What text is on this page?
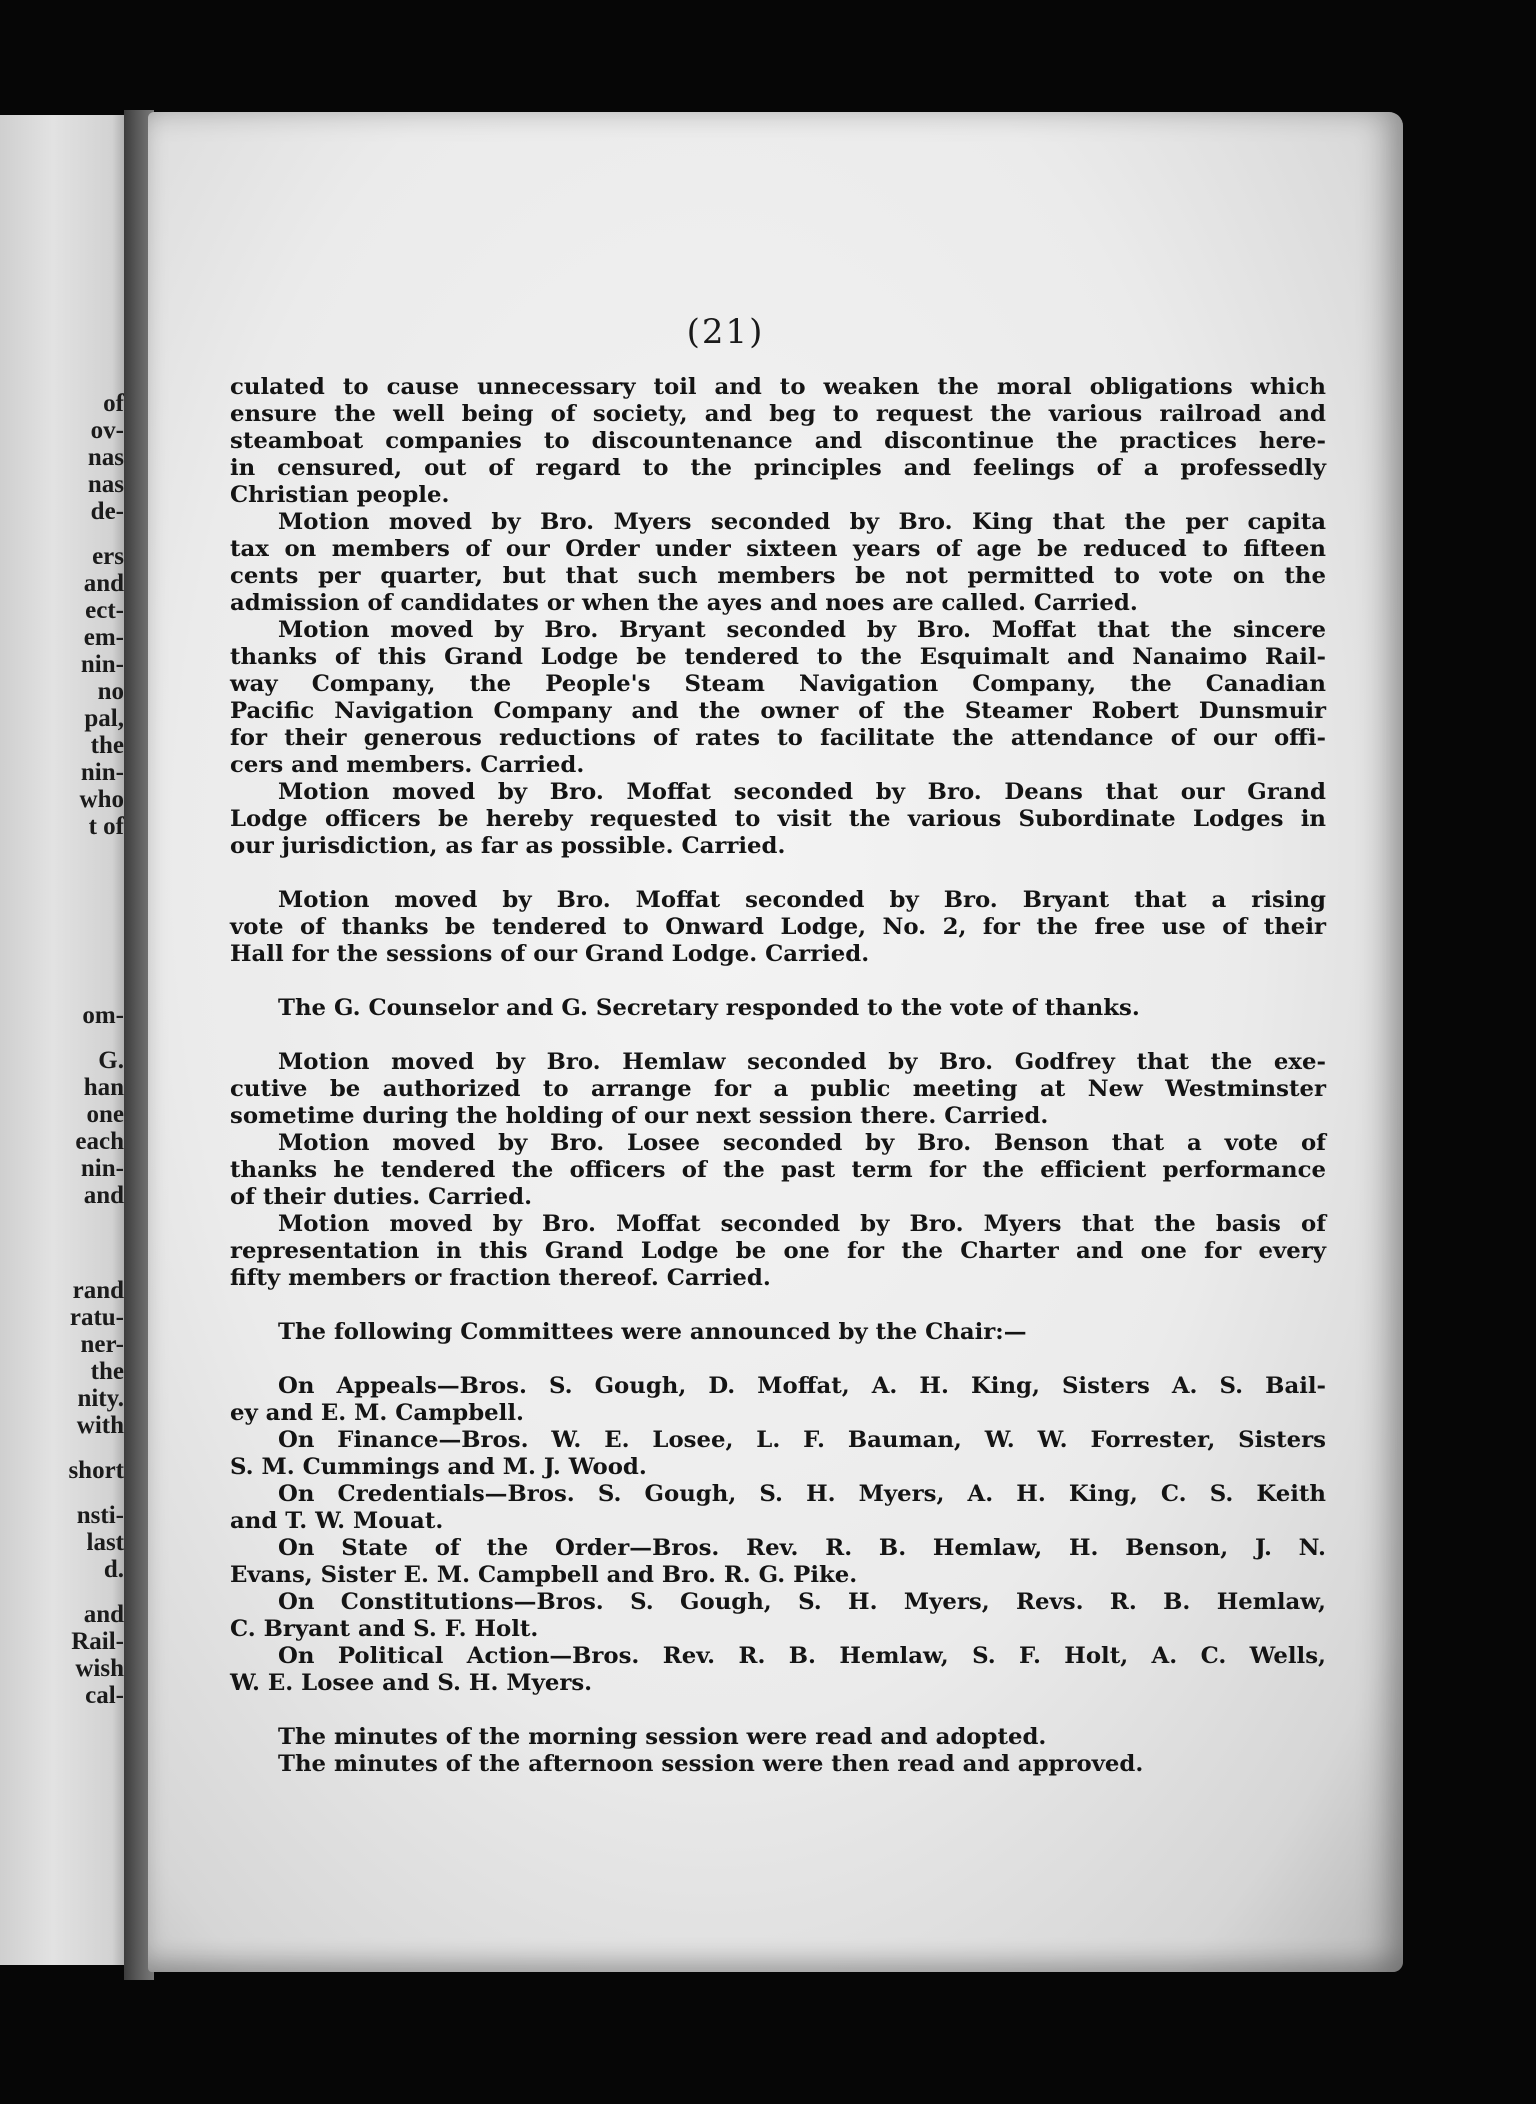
of
ov-
nas
nas
de-
ers
and
ect-
em-
nin-
no
pal,
the
nin-
who
t of
om-
G.
han
one
each
nin-
and
rand
ratu-
ner-
the
nity.
with
short
nsti-
last
d.
and
Rail-
wish
cal-
(21)

culated to cause unnecessary toil and to weaken the moral obligations which
ensure the well being of society, and beg to request the various railroad and
steamboat companies to discountenance and discontinue the practices here-
in censured, out of regard to the principles and feelings of a professedly
Christian people.

Motion moved by Bro. Myers seconded by Bro. King that the per capita
tax on members of our Order under sixteen years of age be reduced to fifteen
cents per quarter, but that such members be not permitted to vote on the
admission of candidates or when the ayes and noes are called. Carried.

Motion moved by Bro. Bryant seconded by Bro. Moffat that the sincere
thanks of this Grand Lodge be tendered to the Esquimalt and Nanaimo Rail-
way Company, the People's Steam Navigation Company, the Canadian
Pacific Navigation Company and the owner of the Steamer Robert Dunsmuir
for their generous reductions of rates to facilitate the attendance of our offi-
cers and members. Carried.

Motion moved by Bro. Moffat seconded by Bro. Deans that our Grand
Lodge officers be hereby requested to visit the various Subordinate Lodges in
our jurisdiction, as far as possible. Carried.

Motion moved by Bro. Moffat seconded by Bro. Bryant that a rising
vote of thanks be tendered to Onward Lodge, No. 2, for the free use of their
Hall for the sessions of our Grand Lodge. Carried.

The G. Counselor and G. Secretary responded to the vote of thanks.

Motion moved by Bro. Hemlaw seconded by Bro. Godfrey that the exe-
cutive be authorized to arrange for a public meeting at New Westminster
sometime during the holding of our next session there. Carried.

Motion moved by Bro. Losee seconded by Bro. Benson that a vote of
thanks he tendered the officers of the past term for the efficient performance
of their duties. Carried.

Motion moved by Bro. Moffat seconded by Bro. Myers that the basis of
representation in this Grand Lodge be one for the Charter and one for every
fifty members or fraction thereof. Carried.

The following Committees were announced by the Chair:—

On Appeals—Bros. S. Gough, D. Moffat, A. H. King, Sisters A. S. Bail-
ey and E. M. Campbell.

On Finance—Bros. W. E. Losee, L. F. Bauman, W. W. Forrester, Sisters
S. M. Cummings and M. J. Wood.

On Credentials—Bros. S. Gough, S. H. Myers, A. H. King, C. S. Keith
and T. W. Mouat.

On State of the Order—Bros. Rev. R. B. Hemlaw, H. Benson, J. N.
Evans, Sister E. M. Campbell and Bro. R. G. Pike.

On Constitutions—Bros. S. Gough, S. H. Myers, Revs. R. B. Hemlaw,
C. Bryant and S. F. Holt.

On Political Action—Bros. Rev. R. B. Hemlaw, S. F. Holt, A. C. Wells,
W. E. Losee and S. H. Myers.

The minutes of the morning session were read and adopted.

The minutes of the afternoon session were then read and approved.
